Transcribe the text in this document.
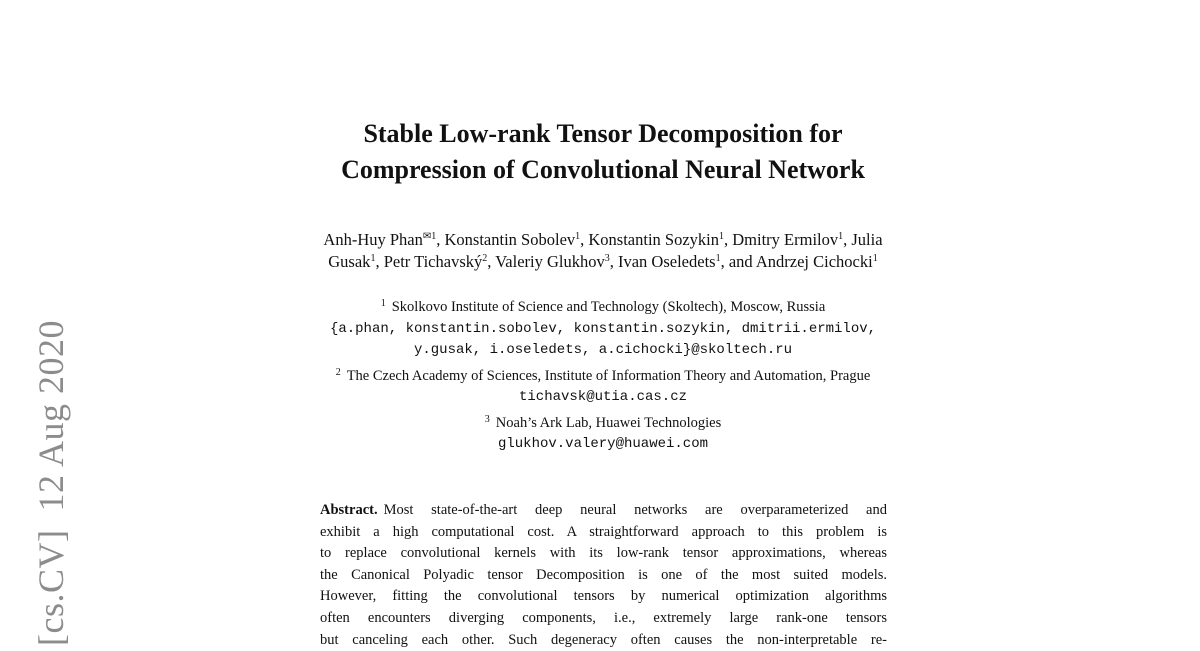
[cs.CV]12 Aug 2020
Stable Low-rank Tensor Decomposition for
Compression of Convolutional Neural Network
Anh-Huy Phan$^{✉1}$, Konstantin Sobolev$^1$, Konstantin Sozykin$^1$, Dmitry Ermilov$^1$, Julia
Gusak$^1$, Petr Tichavský$^2$, Valeriy Glukhov$^3$, Ivan Oseledets$^1$, and Andrzej Cichocki$^1$
$^1$ Skolkovo Institute of Science and Technology (Skoltech), Moscow, Russia
{a.phan, konstantin.sobolev, konstantin.sozykin, dmitrii.ermilov,
y.gusak, i.oseledets, a.cichocki}@skoltech.ru
$^2$ The Czech Academy of Sciences, Institute of Information Theory and Automation, Prague
tichavsk@utia.cas.cz
$^3$ Noah’s Ark Lab, Huawei Technologies
glukhov.valery@huawei.com
Abstract. Most state-of-the-art deep neural networks are overparameterized and
exhibit a high computational cost. A straightforward approach to this problem is
to replace convolutional kernels with its low-rank tensor approximations, whereas
the Canonical Polyadic tensor Decomposition is one of the most suited models.
However, fitting the convolutional tensors by numerical optimization algorithms
often encounters diverging components, i.e., extremely large rank-one tensors
but canceling each other. Such degeneracy often causes the non-interpretable re-
